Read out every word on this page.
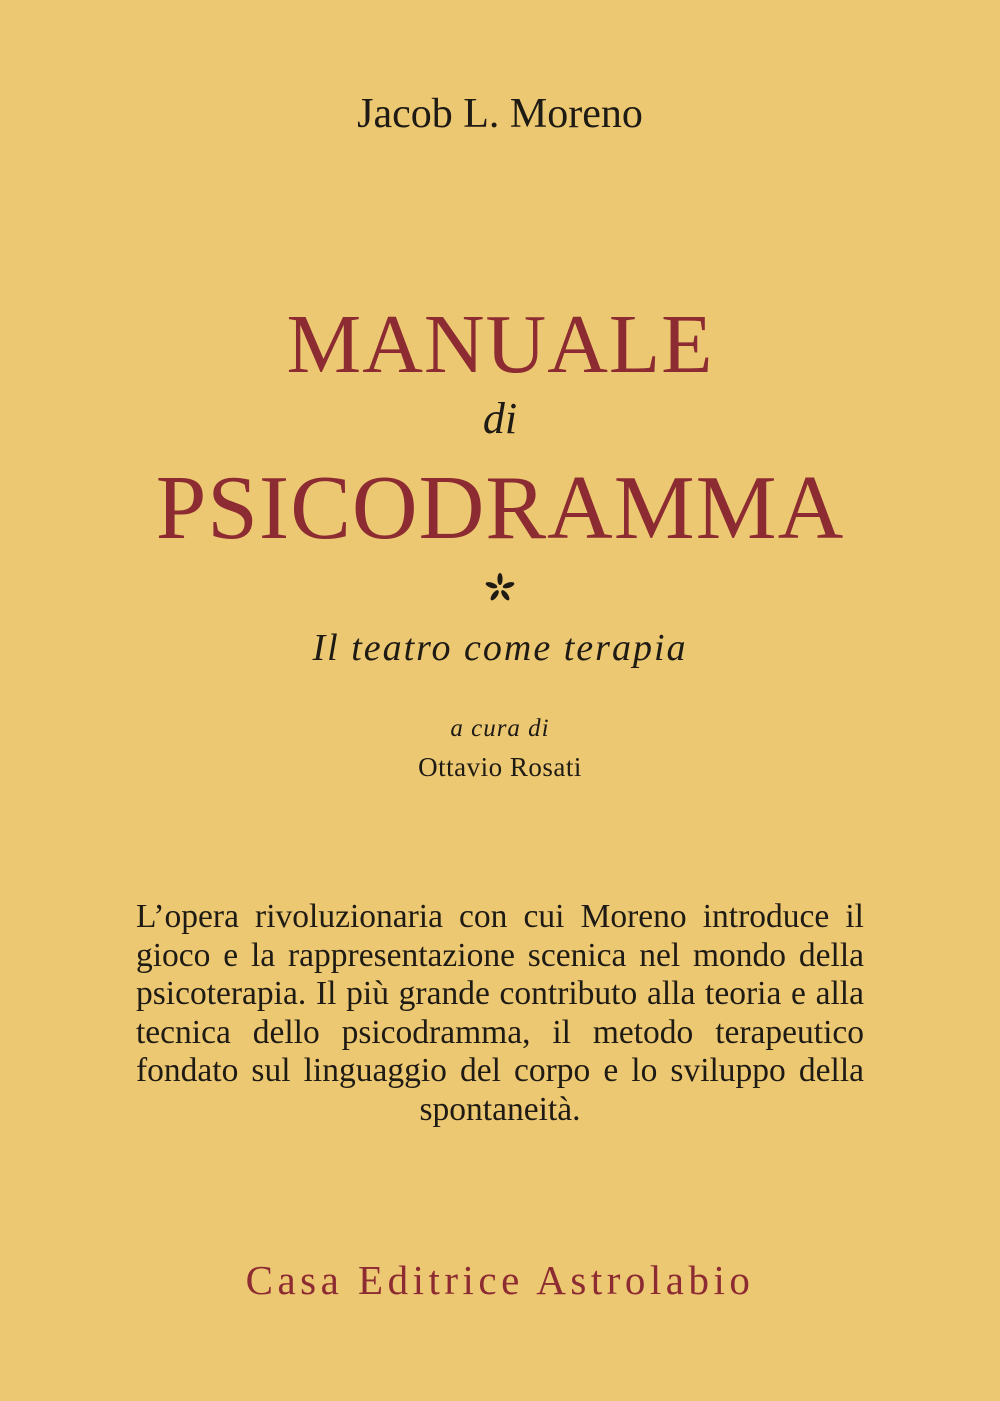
Jacob L. Moreno
MANUALE
di
PSICODRAMMA
Il teatro come terapia
a cura di
Ottavio Rosati
L’opera rivoluzionaria con cui Moreno introduce il gioco e la rappresentazione scenica nel mondo della psicoterapia. Il più grande contributo alla teoria e alla tecnica dello psicodramma, il metodo terapeutico fondato sul linguaggio del corpo e lo sviluppo della spontaneità.
Casa Editrice Astrolabio
